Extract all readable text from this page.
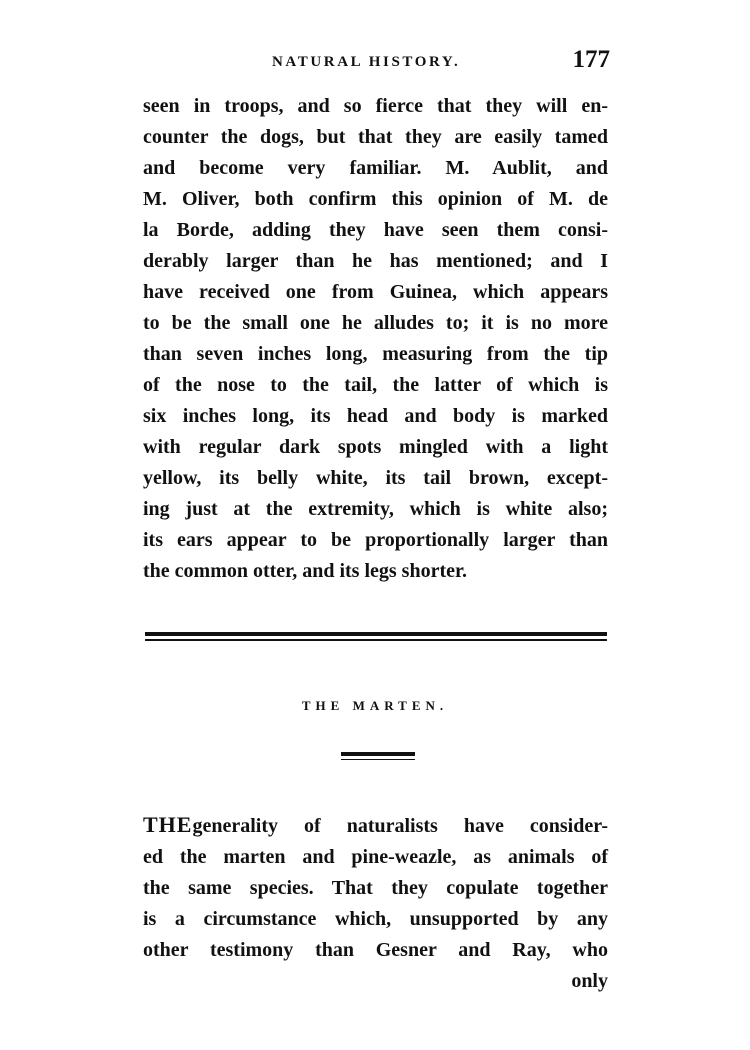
NATURAL HISTORY.	177
seen in troops, and so fierce that they will en-
counter the dogs, but that they are easily tamed
and become very familiar. M. Aublit, and
M. Oliver, both confirm this opinion of M. de
la Borde, adding they have seen them consi-
derably larger than he has mentioned; and I
have received one from Guinea, which appears
to be the small one he alludes to; it is no more
than seven inches long, measuring from the tip
of the nose to the tail, the latter of which is
six inches long, its head and body is marked
with regular dark spots mingled with a light
yellow, its belly white, its tail brown, except-
ing just at the extremity, which is white also;
its ears appear to be proportionally larger than
the common otter, and its legs shorter.
THE MARTEN.
THEgenerality of naturalists have consider-
ed the marten and pine-weazle, as animals of
the same species. That they copulate together
is a circumstance which, unsupported by any
other testimony than Gesner and Ray, who
only
